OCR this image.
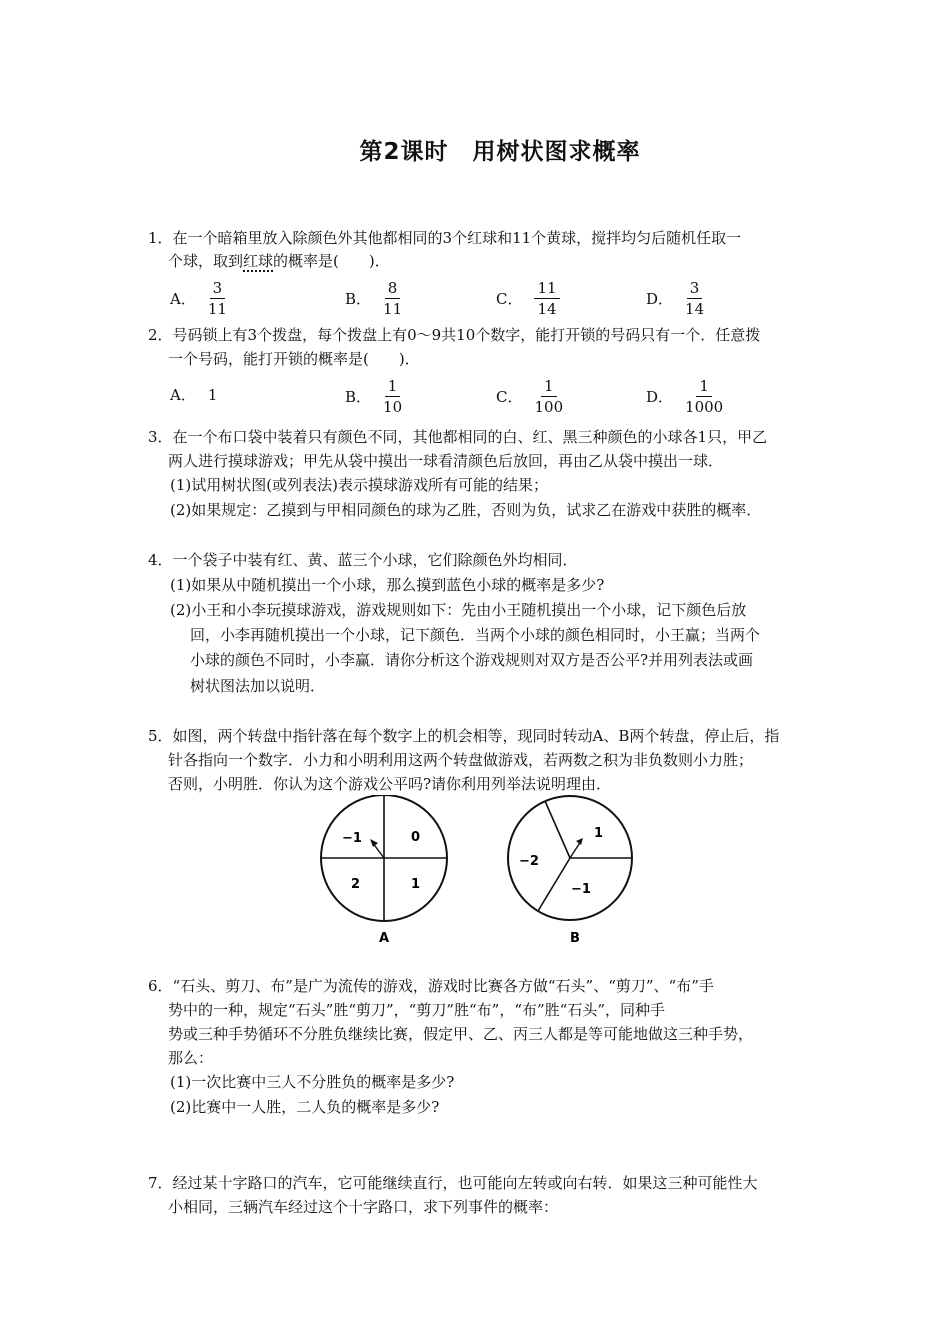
第2课时　用树状图求概率
1．在一个暗箱里放入除颜色外其他都相同的3个红球和11个黄球，搅拌均匀后随机任取一
个球，取到红球的概率是(　　)．
A． $\frac{3}{11}$	B． $\frac{8}{11}$	C． $\frac{11}{14}$	D． $\frac{3}{14}$
2．号码锁上有3个拨盘，每个拨盘上有0～9共10个数字，能打开锁的号码只有一个．任意拨
一个号码，能打开锁的概率是(　　)．
A． 1	B． $\frac{1}{10}$	C． $\frac{1}{100}$	D． $\frac{1}{1000}$
3．在一个布口袋中装着只有颜色不同，其他都相同的白、红、黑三种颜色的小球各1只，甲乙
两人进行摸球游戏；甲先从袋中摸出一球看清颜色后放回，再由乙从袋中摸出一球．
(1)试用树状图(或列表法)表示摸球游戏所有可能的结果；
(2)如果规定：乙摸到与甲相同颜色的球为乙胜，否则为负，试求乙在游戏中获胜的概率．
4．一个袋子中装有红、黄、蓝三个小球，它们除颜色外均相同．
(1)如果从中随机摸出一个小球，那么摸到蓝色小球的概率是多少?
(2)小王和小李玩摸球游戏，游戏规则如下：先由小王随机摸出一个小球，记下颜色后放
回，小李再随机摸出一个小球，记下颜色．当两个小球的颜色相同时，小王赢；当两个
小球的颜色不同时，小李赢．请你分析这个游戏规则对双方是否公平?并用列表法或画
树状图法加以说明．
5．如图，两个转盘中指针落在每个数字上的机会相等，现同时转动A、B两个转盘，停止后，指
针各指向一个数字．小力和小明利用这两个转盘做游戏，若两数之积为非负数则小力胜；
否则，小明胜．你认为这个游戏公平吗?请你利用列举法说明理由．
−1	0
2	1
A
1
−2
−1
B
6．“石头、剪刀、布”是广为流传的游戏，游戏时比赛各方做“石头”、“剪刀”、“布”手
势中的一种，规定“石头”胜“剪刀”，“剪刀”胜“布”，“布”胜“石头”，同种手
势或三种手势循环不分胜负继续比赛，假定甲、乙、丙三人都是等可能地做这三种手势，
那么：
(1)一次比赛中三人不分胜负的概率是多少?
(2)比赛中一人胜，二人负的概率是多少?
7．经过某十字路口的汽车，它可能继续直行，也可能向左转或向右转．如果这三种可能性大
小相同，三辆汽车经过这个十字路口，求下列事件的概率：
